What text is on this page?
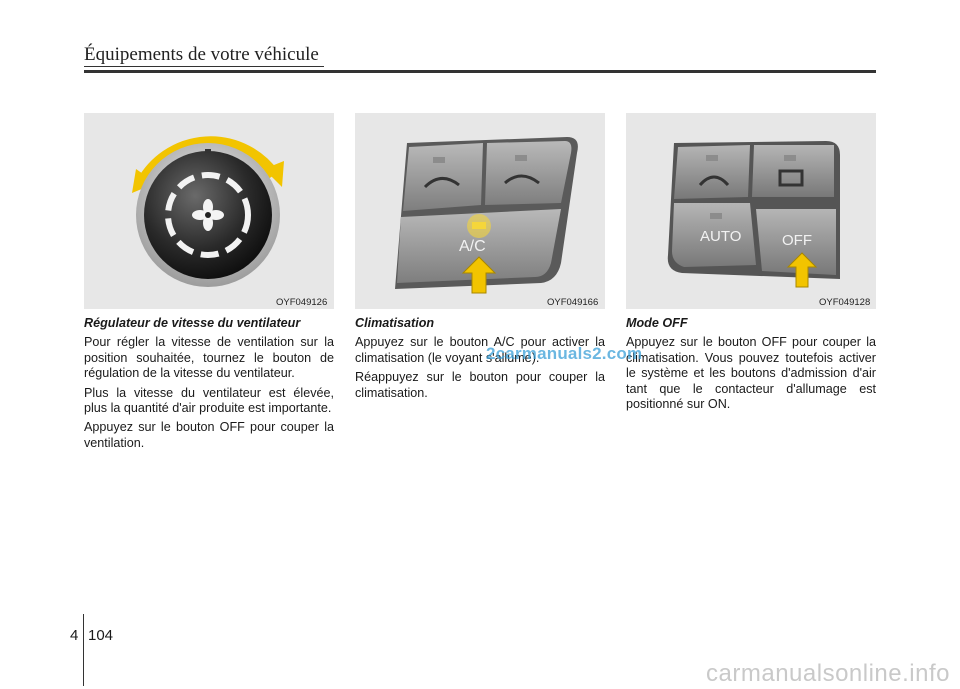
Équipements de votre véhicule
OYF049126
A/C
OYF049166
AUTO	OFF
OYF049128
Régulateur de vitesse du ventilateur

Pour régler la vitesse de ventilation sur la position souhaitée, tournez le bouton de régulation de la vitesse du ventilateur.

Plus la vitesse du ventilateur est élevée, plus la quantité d'air produite est importante.

Appuyez sur le bouton OFF pour couper la ventilation.

Climatisation

Appuyez sur le bouton A/C pour activer la climatisation (le voyant s'allume).

Réappuyez sur le bouton pour couper la climatisation.

Mode OFF

Appuyez sur le bouton OFF pour couper la climatisation. Vous pouvez toutefois activer le système et les boutons d'admission d'air tant que le contacteur d'allumage est positionné sur ON.

2carmanuals2.com
4 104
carmanualsonline.info
